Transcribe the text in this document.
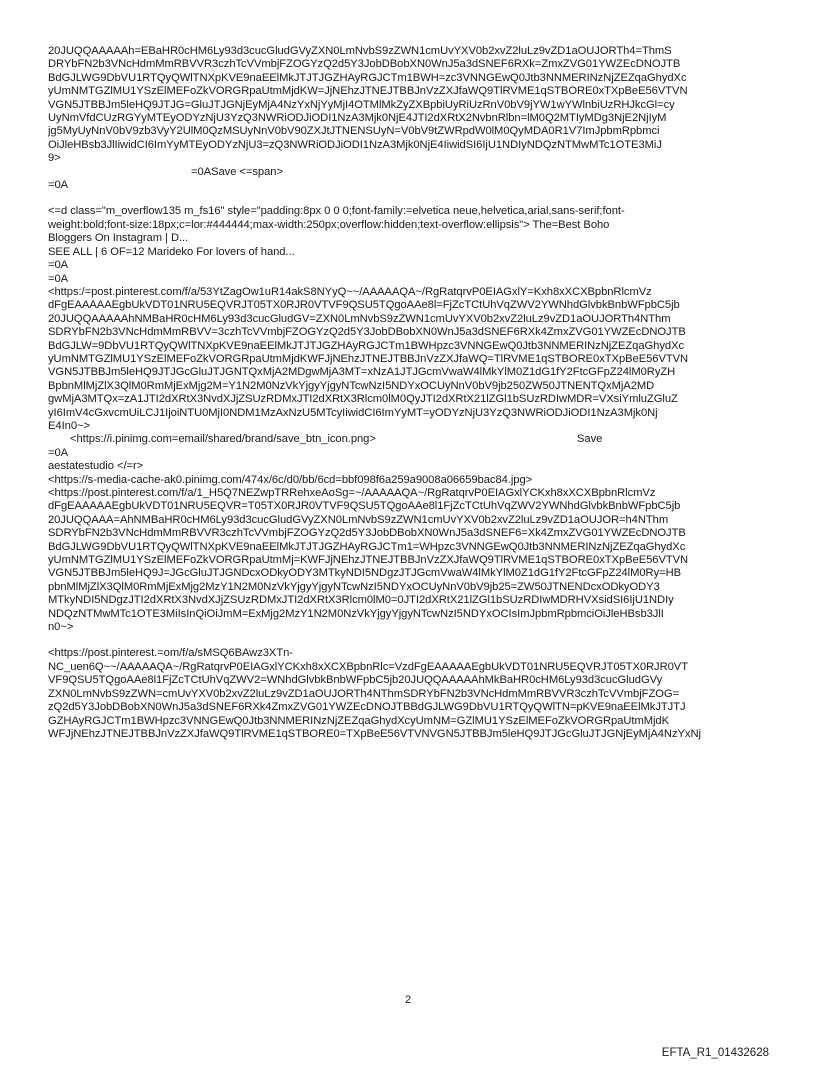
20JUQQAAAAAh=EBaHR0cHM6Ly93d3cucGludGVyZXN0LmNvbS9zZWN1cmUvYXV0b2xvZ2luLz9vZD1aOUJORTh4=ThmS
DRYbFN2b3VNcHdmMmRBVVR3czhTcVVmbjFZOGYzQ2d5Y3JobDBobXN0WnJ5a3dSNEF6RXk=ZmxZVG01YWZEcDNOJTB
BdGJLWG9DbVU1RTQyQWlTNXpKVE9naEElMkJTJTJGZHAyRGJCTm1BWH=zc3VNNGEwQ0Jtb3NNMERINzNjZEZqaGhydXc
yUmNMTGZlMU1YSzElMEFoZkVORGRpaUtmMjdKW=JjNEhzJTNEJTBBJnVzZXJfaWQ9TlRVME1qSTBORE0xTXpBeE56VTVN
VGN5JTBBJm5leHQ9JTJG=GluJTJGNjEyMjA4NzYxNjYyMjI4OTMlMkZyZXBpbiUyRiUzRnV0bV9jYW1wYWlnbiUzRHJkcGl=cy
UyNmVfdCUzRGYyMTEyODYzNjU3YzQ3NWRiODJiODI1NzA3Mjk0NjE4JTI2dXRtX2NvbnRlbn=lM0Q2MTIyMDg3NjE2NjIyM
jg5MyUyNnV0bV9zb3VyY2UlM0QzMSUyNnV0bV90ZXJtJTNENSUyN=V0bV9tZWRpdW0lM0QyMDA0R1V7ImJpbmRpbmci
OiJleHBsb3JlIiwidCI6ImYyMTEyODYzNjU3=zQ3NWRiODJiODI1NzA3Mjk0NjE4IiwidSI6IjU1NDIyNDQzNTMwMTc1OTE3MiJ
9>
=0ASave <=span>
=0A
<=d class="m_overflow135 m_fs16" style="padding:8px 0 0 0;font-family:=elvetica neue,helvetica,arial,sans-serif;font-
weight:bold;font-size:18px;c=lor:#444444;max-width:250px;overflow:hidden;text-overflow:ellipsis"> The=Best Boho
Bloggers On Instagram | D...
SEE ALL | 6 OF=12 Marideko For lovers of hand...
=0A
=0A
<https:/=post.pinterest.com/f/a/53YtZagOw1uR14akS8NYyQ~~/AAAAAQA~/RgRatqrvP0EIAGxlY=Kxh8xXCXBpbnRlcmVz
dFgEAAAAAEgbUkVDT01NRU5EQVRJT05TX0RJR0VTVF9QSU5TQgoAAe8l=FjZcTCtUhVqZWV2YWNhdGlvbkBnbWFpbC5jb
20JUQQAAAAAhNMBaHR0cHM6Ly93d3cucGludGV=ZXN0LmNvbS9zZWN1cmUvYXV0b2xvZ2luLz9vZD1aOUJORTh4NThm
SDRYbFN2b3VNcHdmMmRBVV=3czhTcVVmbjFZOGYzQ2d5Y3JobDBobXN0WnJ5a3dSNEF6RXk4ZmxZVG01YWZEcDNOJTB
BdGJLW=9DbVU1RTQyQWlTNXpKVE9naEElMkJTJTJGZHAyRGJCTm1BWHpzc3VNNGEwQ0Jtb3NNMERINzNjZEZqaGhydXc
yUmNMTGZlMU1YSzElMEFoZkVORGRpaUtmMjdKWFJjNEhzJTNEJTBBJnVzZXJfaWQ=TlRVME1qSTBORE0xTXpBeE56VTVN
VGN5JTBBJm5leHQ9JTJGcGluJTJGNTQxMjA2MDgwMjA3MT=xNzA1JTJGcmVwaW4lMkYlM0Z1dG1fY2FtcGFpZ24lM0RyZH
BpbnMlMjZlX3QlM0RmMjExMjg2M=Y1N2M0NzVkYjgyYjgyNTcwNzI5NDYxOCUyNnV0bV9jb250ZW50JTNENTQxMjA2MD
gwMjA3MTQx=zA1JTI2dXRtX3NvdXJjZSUzRDMxJTI2dXRtX3Rlcm0lM0QyJTI2dXRtX21lZGl1bSUzRDIwMDR=VXsiYmluZGluZ
yI6ImV4cGxvcmUiLCJ1IjoiNTU0MjI0NDM1MzAxNzU5MTcyIiwidCI6ImYyMT=yODYzNjU3YzQ3NWRiODJiODI1NzA3Mjk0Nj
E4In0~>
<https://i.pinimg.com=email/shared/brand/save_btn_icon.png>	Save
=0A
aestatestudio </=r>
<https://s-media-cache-ak0.pinimg.com/474x/6c/d0/bb/6cd=bbf098f6a259a9008a06659bac84.jpg>
<https://post.pinterest.com/f/a/1_H5Q7NEZwpTRRehxeAoSg=~/AAAAAQA~/RgRatqrvP0EIAGxlYCKxh8xXCXBpbnRlcmVz
dFgEAAAAAEgbUkVDT01NRU5EQVR=T05TX0RJR0VTVF9QSU5TQgoAAe8l1FjZcTCtUhVqZWV2YWNhdGlvbkBnbWFpbC5jb
20JUQQAAA=AhNMBaHR0cHM6Ly93d3cucGludGVyZXN0LmNvbS9zZWN1cmUvYXV0b2xvZ2luLz9vZD1aOUJOR=h4NThm
SDRYbFN2b3VNcHdmMmRBVVR3czhTcVVmbjFZOGYzQ2d5Y3JobDBobXN0WnJ5a3dSNEF6=Xk4ZmxZVG01YWZEcDNOJTB
BdGJLWG9DbVU1RTQyQWlTNXpKVE9naEElMkJTJTJGZHAyRGJCTm1=WHpzc3VNNGEwQ0Jtb3NNMERINzNjZEZqaGhydXc
yUmNMTGZlMU1YSzElMEFoZkVORGRpaUtmMj=KWFJjNEhzJTNEJTBBJnVzZXJfaWQ9TlRVME1qSTBORE0xTXpBeE56VTVN
VGN5JTBBJm5leHQ9J=JGcGluJTJGNDcxODkyODY3MTkyNDI5NDgzJTJGcmVwaW4lMkYlM0Z1dG1fY2FtcGFpZ24lM0Ry=HB
pbnMlMjZlX3QlM0RmMjExMjg2MzY1N2M0NzVkYjgyYjgyNTcwNzI5NDYxOCUyNnV0bV9jb25=ZW50JTNENDcxODkyODY3
MTkyNDI5NDgzJTI2dXRtX3NvdXJjZSUzRDMxJTI2dXRtX3Rlcm0lM0=0JTI2dXRtX21lZGl1bSUzRDIwMDRHVXsidSI6IjU1NDIy
NDQzNTMwMTc1OTE3MiIsInQiOiJmM=ExMjg2MzY1N2M0NzVkYjgyYjgyNTcwNzI5NDYxOCIsImJpbmRpbmciOiJleHBsb3JlI
n0~>
<https://post.pinterest.=om/f/a/sMSQ6BAwz3XTn-
NC_uen6Q~~/AAAAAQA~/RgRatqrvP0EIAGxlYCKxh8xXCXBpbnRlc=VzdFgEAAAAAEgbUkVDT01NRU5EQVRJT05TX0RJR0VT
VF9QSU5TQgoAAe8l1FjZcTCtUhVqZWV2=WNhdGlvbkBnbWFpbC5jb20JUQQAAAAAhMkBaHR0cHM6Ly93d3cucGludGVy
ZXN0LmNvbS9zZWN=cmUvYXV0b2xvZ2luLz9vZD1aOUJORTh4NThmSDRYbFN2b3VNcHdmMmRBVVR3czhTcVVmbjFZOG=
zQ2d5Y3JobDBobXN0WnJ5a3dSNEF6RXk4ZmxZVG01YWZEcDNOJTBBdGJLWG9DbVU1RTQyQWlTN=pKVE9naEElMkJTJTJ
GZHAyRGJCTm1BWHpzc3VNNGEwQ0Jtb3NNMERINzNjZEZqaGhydXcyUmNM=GZlMU1YSzElMEFoZkVORGRpaUtmMjdK
WFJjNEhzJTNEJTBBJnVzZXJfaWQ9TlRVME1qSTBORE0=TXpBeE56VTVNVGN5JTBBJm5leHQ9JTJGcGluJTJGNjEyMjA4NzYxNj
2
EFTA_R1_01432628
